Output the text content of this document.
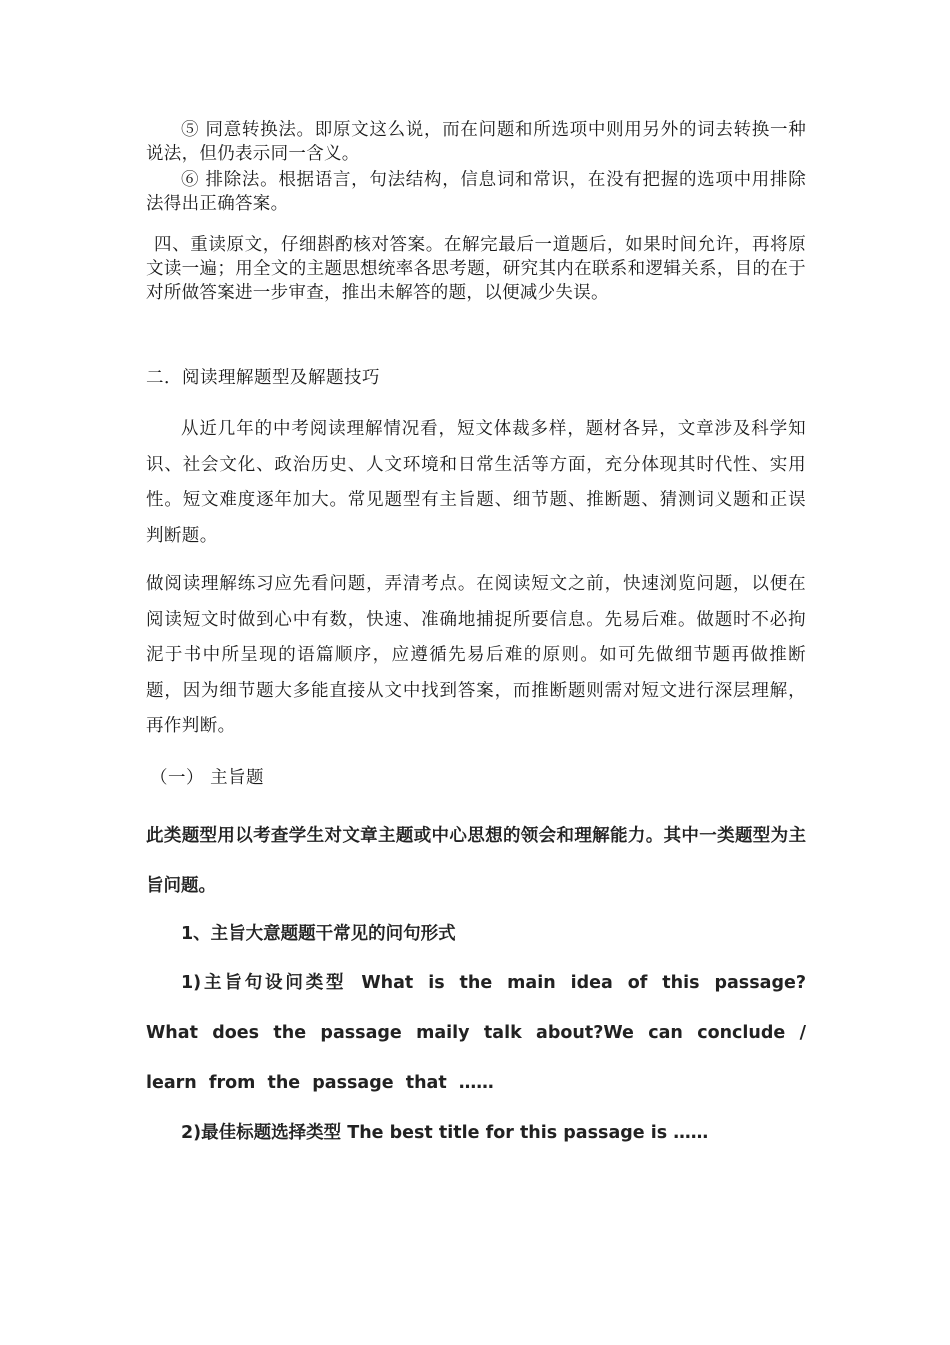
⑤ 同意转换法。即原文这么说，而在问题和所选项中则用另外的词去转换一种说法，但仍表示同一含义。

⑥ 排除法。根据语言，句法结构，信息词和常识，在没有把握的选项中用排除法得出正确答案。

四、重读原文，仔细斟酌核对答案。在解完最后一道题后，如果时间允许，再将原文读一遍；用全文的主题思想统率各思考题，研究其内在联系和逻辑关系，目的在于对所做答案进一步审查，推出未解答的题，以便减少失误。

二．阅读理解题型及解题技巧

从近几年的中考阅读理解情况看，短文体裁多样，题材各异，文章涉及科学知识、社会文化、政治历史、人文环境和日常生活等方面，充分体现其时代性、实用性。短文难度逐年加大。常见题型有主旨题、细节题、推断题、猜测词义题和正误判断题。

做阅读理解练习应先看问题，弄清考点。在阅读短文之前，快速浏览问题，以便在阅读短文时做到心中有数，快速、准确地捕捉所要信息。先易后难。做题时不必拘泥于书中所呈现的语篇顺序，应遵循先易后难的原则。如可先做细节题再做推断题，因为细节题大多能直接从文中找到答案，而推断题则需对短文进行深层理解，再作判断。

（一） 主旨题

此类题型用以考查学生对文章主题或中心思想的领会和理解能力。其中一类题型为主旨问题。

1、主旨大意题题干常见的问句形式

1)主旨句设问类型 What is the main idea of this passage?What does the passage maily talk about?We can conclude / learn from the passage that ……

2)最佳标题选择类型 The best title for this passage is ……
